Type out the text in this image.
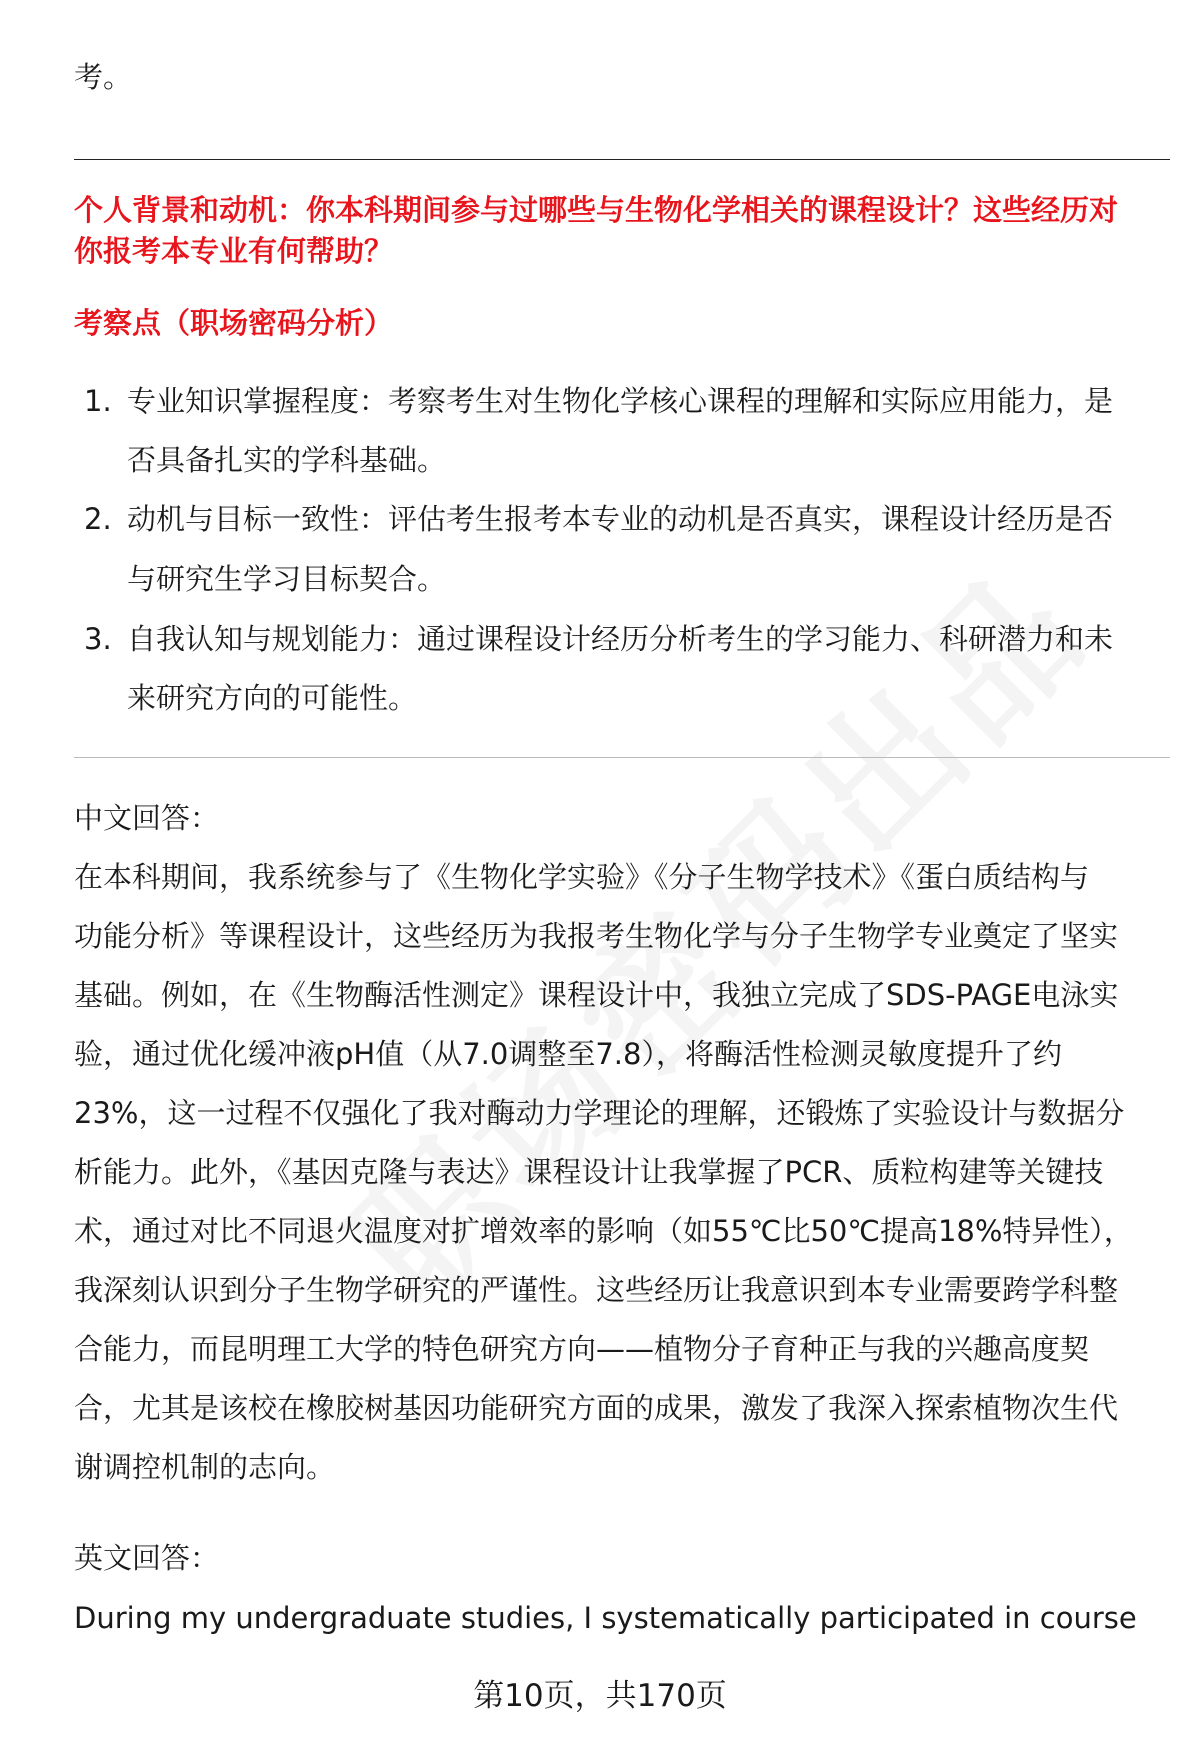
考。
个人背景和动机：你本科期间参与过哪些与生物化学相关的课程设计？这些经历对
你报考本专业有何帮助？
考察点（职场密码分析）
1. 专业知识掌握程度：考察考生对生物化学核心课程的理解和实际应用能力，是
否具备扎实的学科基础。
2. 动机与目标一致性：评估考生报考本专业的动机是否真实，课程设计经历是否
与研究生学习目标契合。
3. 自我认知与规划能力：通过课程设计经历分析考生的学习能力、科研潜力和未
来研究方向的可能性。
中文回答：
在本科期间，我系统参与了《生物化学实验》《分子生物学技术》《蛋白质结构与
功能分析》等课程设计，这些经历为我报考生物化学与分子生物学专业奠定了坚实
基础。例如，在《生物酶活性测定》课程设计中，我独立完成了SDS-PAGE电泳实
验，通过优化缓冲液pH值（从7.0调整至7.8），将酶活性检测灵敏度提升了约
23%，这一过程不仅强化了我对酶动力学理论的理解，还锻炼了实验设计与数据分
析能力。此外，《基因克隆与表达》课程设计让我掌握了PCR、质粒构建等关键技
术，通过对比不同退火温度对扩增效率的影响（如55℃比50℃提高18%特异性），
我深刻认识到分子生物学研究的严谨性。这些经历让我意识到本专业需要跨学科整
合能力，而昆明理工大学的特色研究方向——植物分子育种正与我的兴趣高度契
合，尤其是该校在橡胶树基因功能研究方面的成果，激发了我深入探索植物次生代
谢调控机制的志向。
英文回答：
During my undergraduate studies, I systematically participated in course
第10页，共170页
